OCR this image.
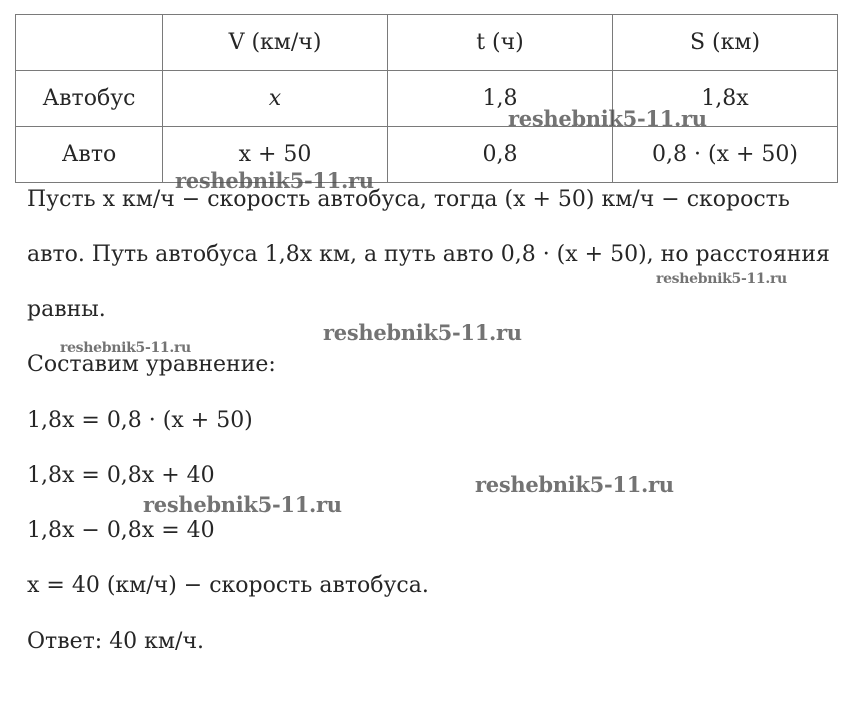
	V (км/ч)	t (ч)	S (км)
Автобус	x	1,8	1,8x
Авто	x + 50	0,8	0,8 · (x + 50)
Пусть x км/ч − скорость автобуса, тогда (x + 50) км/ч − скорость
авто. Путь автобуса 1,8x км, а путь авто 0,8 · (x + 50), но расстояния
равны.
Составим уравнение:
1,8x = 0,8 · (x + 50)
1,8x = 0,8x + 40
1,8x − 0,8x = 40
x = 40 (км/ч) − скорость автобуса.
Ответ: 40 км/ч.
reshebnik5-11.ru
reshebnik5-11.ru
reshebnik5-11.ru
reshebnik5-11.ru
reshebnik5-11.ru
reshebnik5-11.ru
reshebnik5-11.ru
